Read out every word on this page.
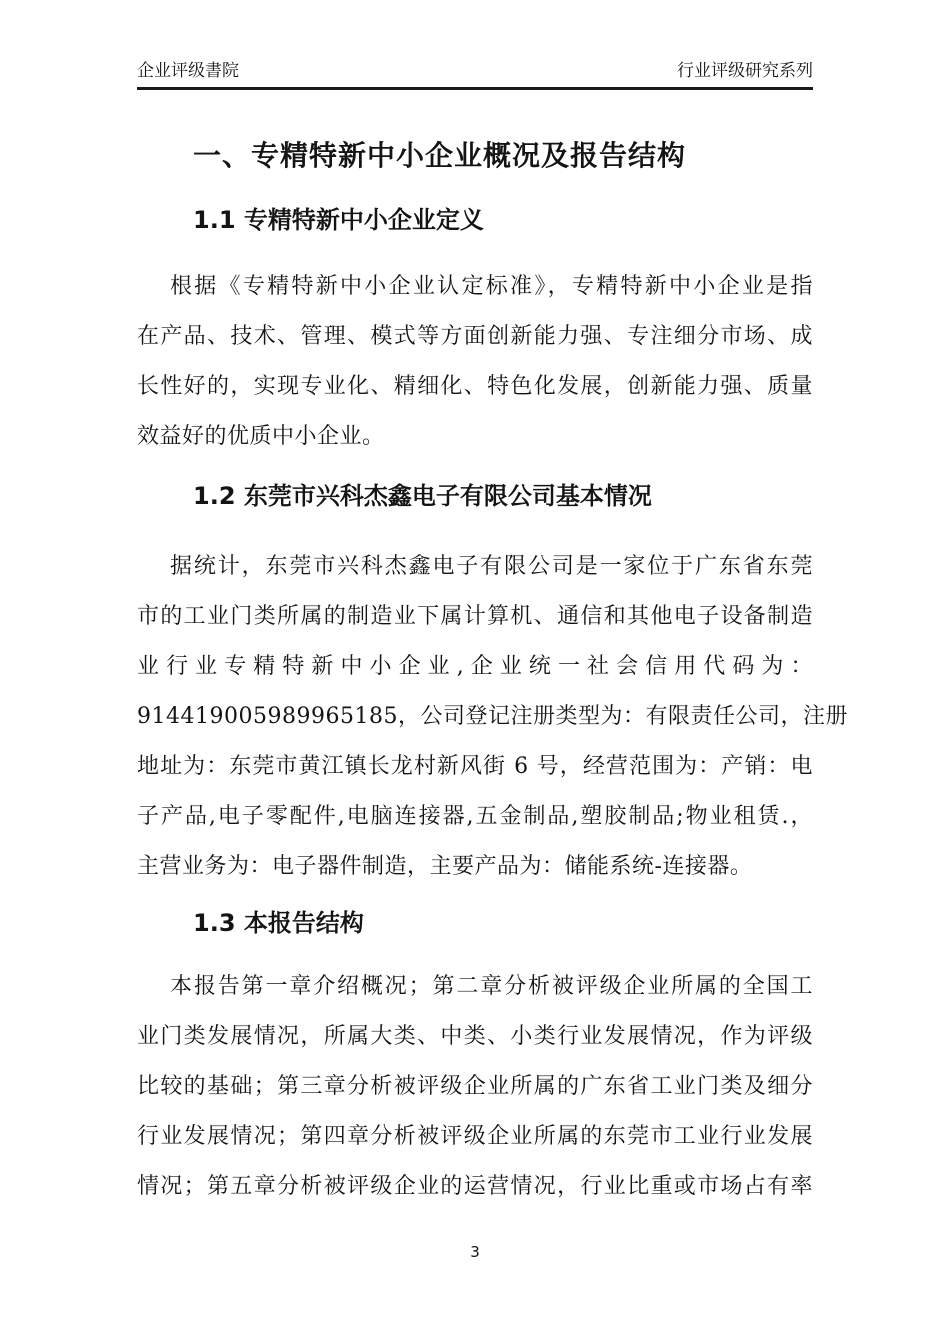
企业评级書院	行业评级研究系列
一、专精特新中小企业概况及报告结构
1.1 专精特新中小企业定义
根据《专精特新中小企业认定标准》，专精特新中小企业是指
在产品、技术、管理、模式等方面创新能力强、专注细分市场、成
长性好的，实现专业化、精细化、特色化发展，创新能力强、质量
效益好的优质中小企业。
1.2 东莞市兴科杰鑫电子有限公司基本情况
据统计，东莞市兴科杰鑫电子有限公司是一家位于广东省东莞
市的工业门类所属的制造业下属计算机、通信和其他电子设备制造
业行业专精特新中小企业,企业统一社会信用代码为：
914419005989965185，公司登记注册类型为：有限责任公司，注册
地址为：东莞市黄江镇长龙村新风街 6 号，经营范围为：产销：电
子产品,电子零配件,电脑连接器,五金制品,塑胶制品;物业租赁.，
主营业务为：电子器件制造，主要产品为：储能系统-连接器。
1.3 本报告结构
本报告第一章介绍概况；第二章分析被评级企业所属的全国工
业门类发展情况，所属大类、中类、小类行业发展情况，作为评级
比较的基础；第三章分析被评级企业所属的广东省工业门类及细分
行业发展情况；第四章分析被评级企业所属的东莞市工业行业发展
情况；第五章分析被评级企业的运营情况，行业比重或市场占有率
3
